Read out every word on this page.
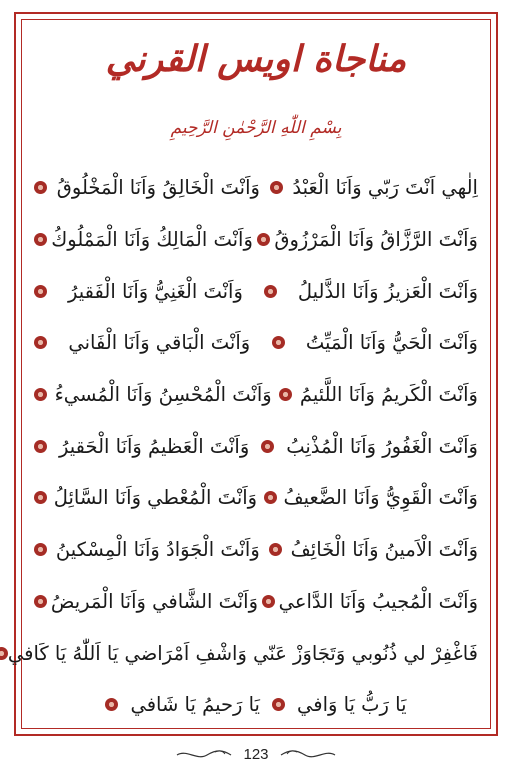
مناجاة اويس القرني
بِسْمِ اللّٰهِ الرَّحْمٰنِ الرَّحِيمِ
اِلٰهي اَنْتَ رَبّي وَاَنَا الْعَبْدُ
وَاَنْتَ الْخَالِقُ وَاَنَا الْمَخْلُوقُ
وَاَنْتَ الرَّزَّاقُ وَاَنَا الْمَرْزُوقُ
وَاَنْتَ الْمَالِكُ وَاَنَا الْمَمْلُوكُ
وَاَنْتَ الْعَزيزُ وَاَنَا الذَّليلُ
وَاَنْتَ الْغَنِيُّ وَاَنَا الْفَقيرُ
وَاَنْتَ الْحَيُّ وَاَنَا الْمَيِّتُ
وَاَنْتَ الْبَاقي وَاَنَا الْفَاني
وَاَنْتَ الْكَريمُ وَاَنَا اللَّئيمُ
وَاَنْتَ الْمُحْسِنُ وَاَنَا الْمُسيءُ
وَاَنْتَ الْغَفُورُ وَاَنَا الْمُذْنِبُ
وَاَنْتَ الْعَظيمُ وَاَنَا الْحَقيرُ
وَاَنْتَ الْقَوِيُّ وَاَنَا الضَّعيفُ
وَاَنْتَ الْمُعْطي وَاَنَا السَّائِلُ
وَاَنْتَ الْاَمينُ وَاَنَا الْخَائِفُ
وَاَنْتَ الْجَوَادُ وَاَنَا الْمِسْكينُ
وَاَنْتَ الْمُجيبُ وَاَنَا الدَّاعي
وَاَنْتَ الشَّافي وَاَنَا الْمَريضُ
فَاغْفِرْ لي ذُنُوبي وَتَجَاوَزْ عَنّي وَاشْفِ اَمْرَاضي يَا اَللّٰهُ يَا كَافي
يَا رَبُّ يَا وَافي
يَا رَحيمُ يَا شَافي
123
